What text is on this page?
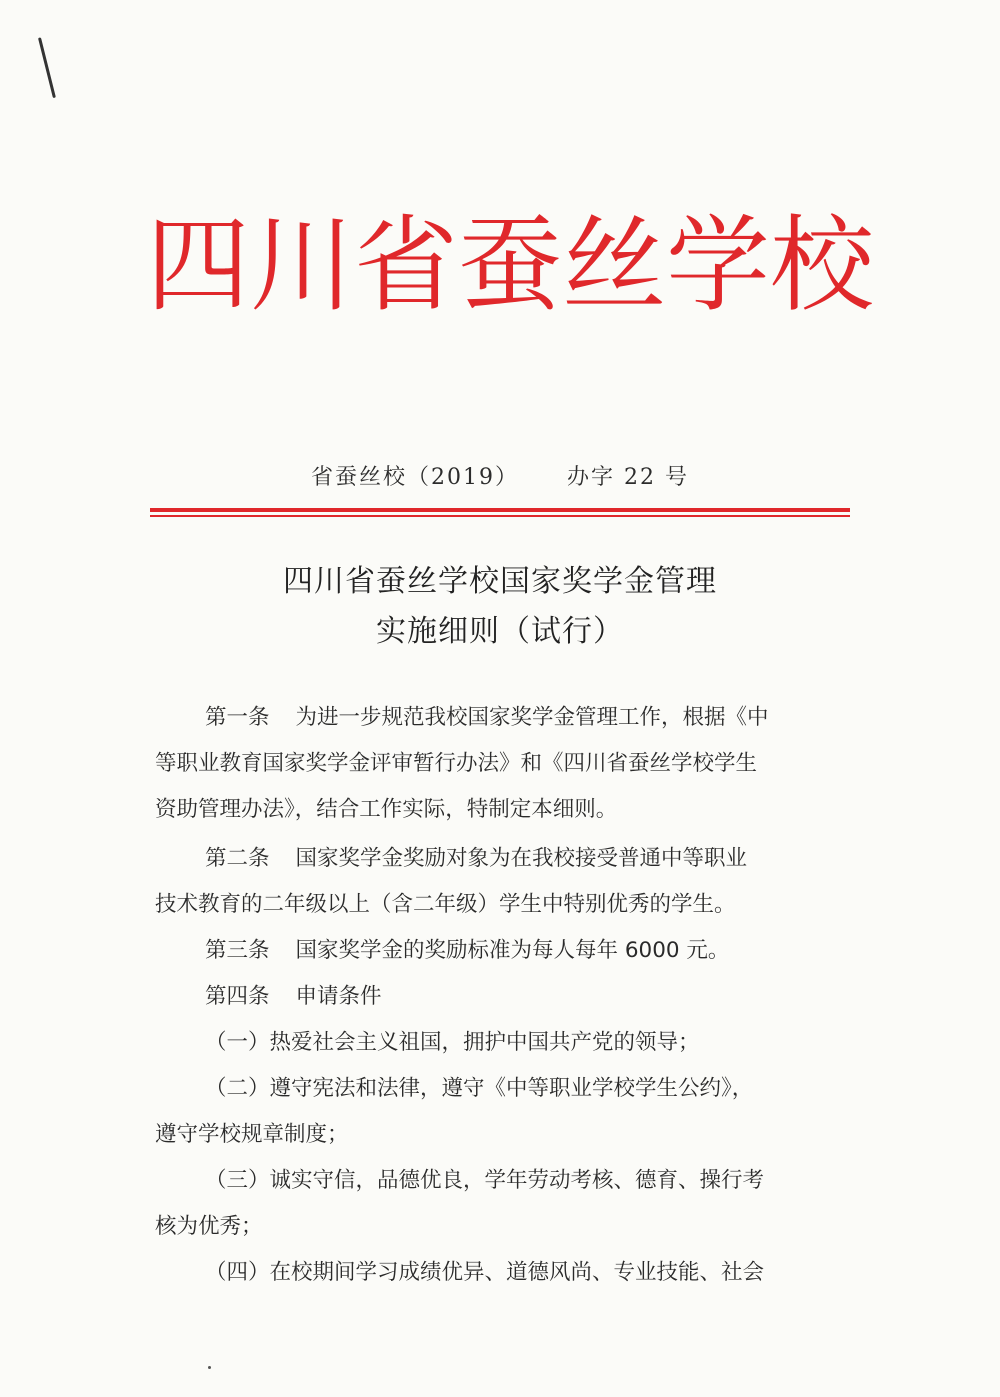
四川省蚕丝学校
省蚕丝校（2019） 办字 22 号
四川省蚕丝学校国家奖学金管理
实施细则（试行）
第一条 为进一步规范我校国家奖学金管理工作，根据《中
等职业教育国家奖学金评审暂行办法》和《四川省蚕丝学校学生
资助管理办法》，结合工作实际，特制定本细则。
第二条 国家奖学金奖励对象为在我校接受普通中等职业
技术教育的二年级以上（含二年级）学生中特别优秀的学生。
第三条 国家奖学金的奖励标准为每人每年 6000 元。
第四条 申请条件
（一）热爱社会主义祖国，拥护中国共产党的领导；
（二）遵守宪法和法律，遵守《中等职业学校学生公约》，
遵守学校规章制度；
（三）诚实守信，品德优良，学年劳动考核、德育、操行考
核为优秀；
（四）在校期间学习成绩优异、道德风尚、专业技能、社会
